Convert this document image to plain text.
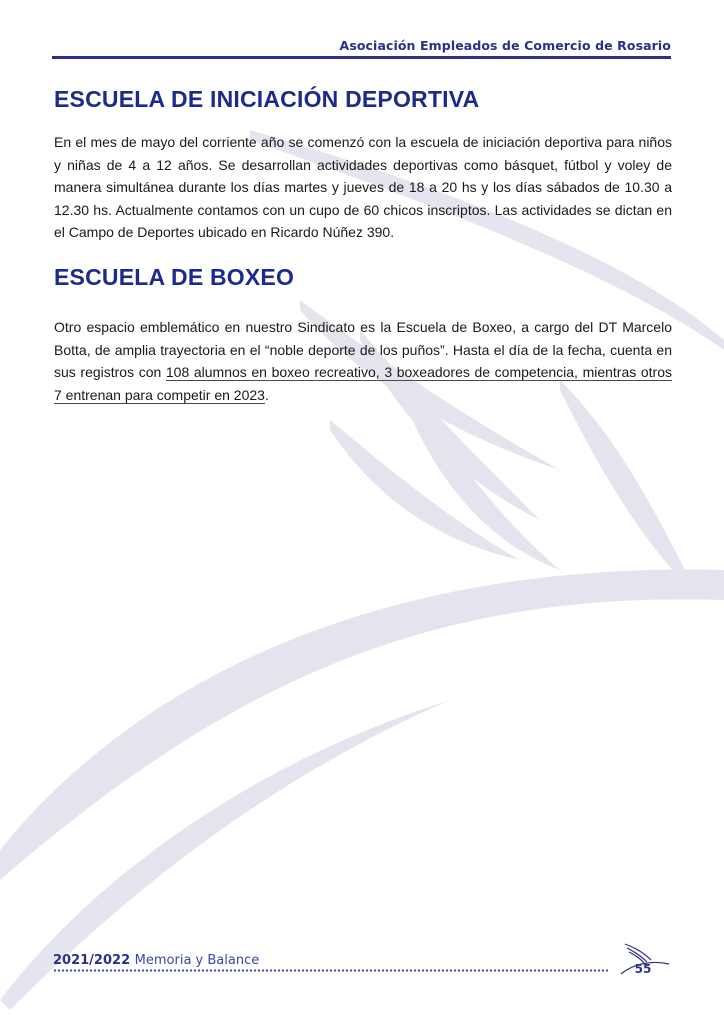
Asociación Empleados de Comercio de Rosario
ESCUELA DE INICIACIÓN DEPORTIVA
En el mes de mayo del corriente año se comenzó con la escuela de iniciación deportiva para niños y niñas de 4 a 12 años. Se desarrollan actividades deportivas como básquet, fútbol y voley de manera simultánea durante los días martes y jueves de 18 a 20 hs y los días sábados de 10.30 a 12.30 hs. Actualmente contamos con un cupo de 60 chicos inscriptos. Las actividades se dictan en el Campo de Deportes ubicado en Ricardo Núñez 390.
ESCUELA DE BOXEO
Otro espacio emblemático en nuestro Sindicato es la Escuela de Boxeo, a cargo del DT Marcelo Botta, de amplia trayectoria en el “noble deporte de los puños”. Hasta el día de la fecha, cuenta en sus registros con 108 alumnos en boxeo recreativo, 3 boxeadores de competencia, mientras otros 7 entrenan para competir en 2023.
2021/2022 Memoria y Balance
55
